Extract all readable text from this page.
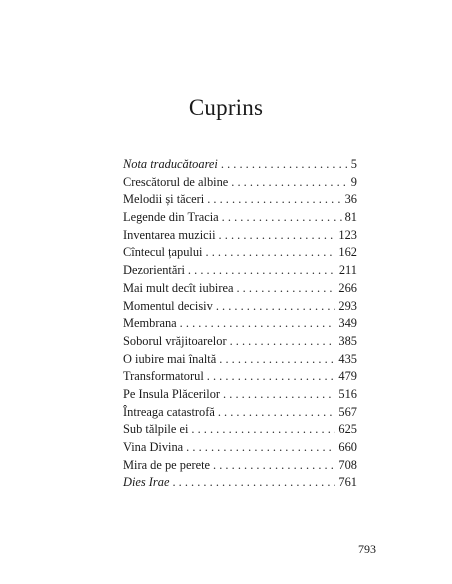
Cuprins
Nota traducătoarei . . .	5
Crescătorul de albine . . .	9
Melodii și tăceri . . .	36
Legende din Tracia . . .	81
Inventarea muzicii . . .	123
Cîntecul țapului . . .	162
Dezorientări . . .	211
Mai mult decît iubirea . . .	266
Momentul decisiv . . .	293
Membrana . . .	349
Soborul vrăjitoarelor . . .	385
O iubire mai înaltă . . .	435
Transformatorul . . .	479
Pe Insula Plăcerilor . . .	516
Întreaga catastrofă . . .	567
Sub tălpile ei . . .	625
Vina Divina . . .	660
Mira de pe perete . . .	708
Dies Irae . . .	761
793
